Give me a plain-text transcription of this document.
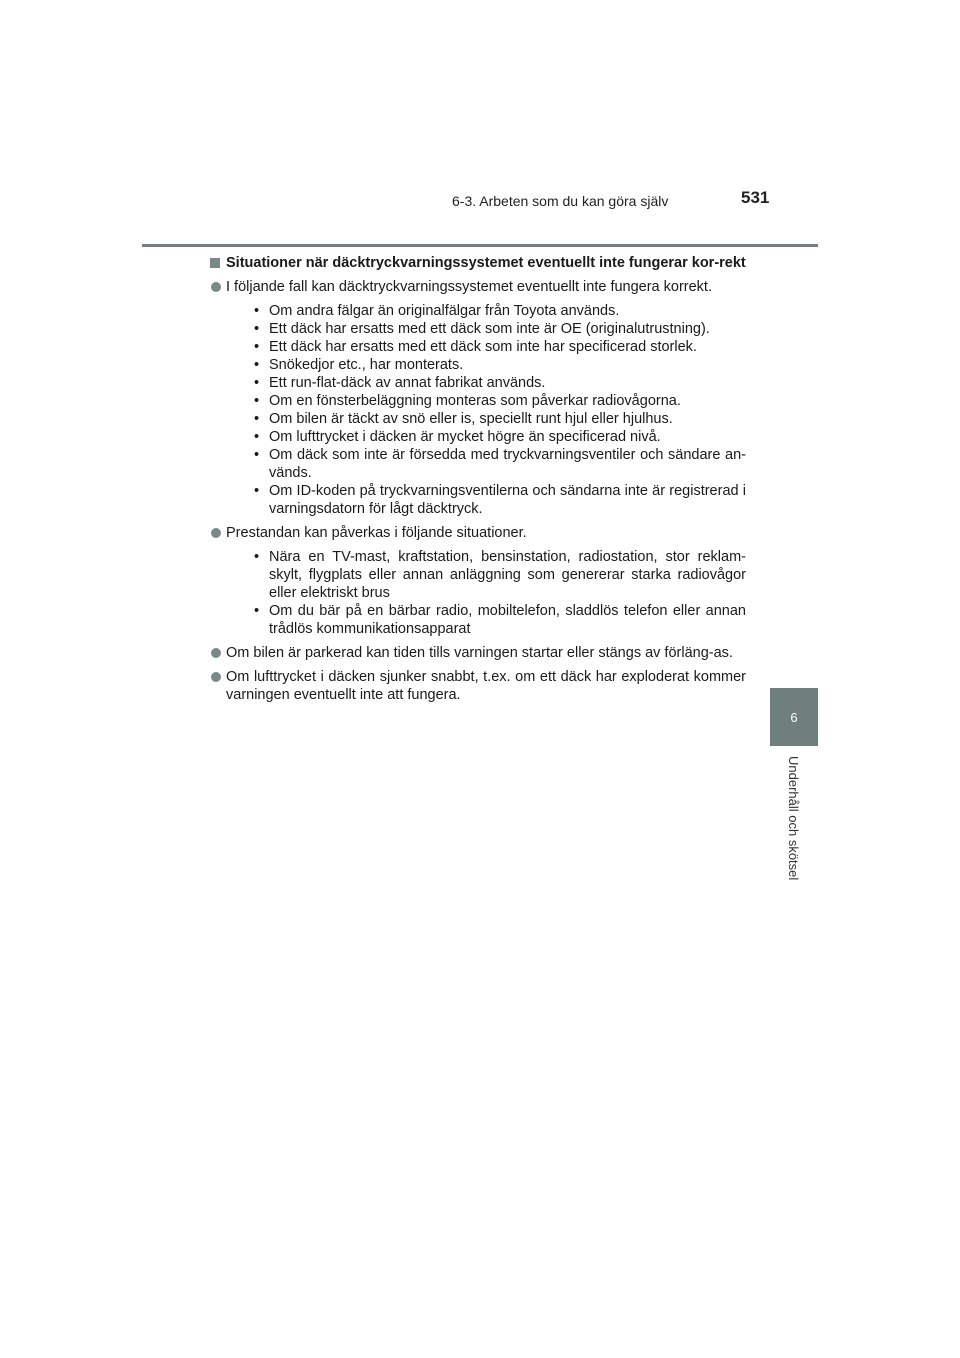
6-3. Arbeten som du kan göra själv	531
6
Underhåll och skötsel
Situationer när däcktryckvarningssystemet eventuellt inte fungerar kor-rekt
I följande fall kan däcktryckvarningssystemet eventuellt inte fungera korrekt.
• Om andra fälgar än originalfälgar från Toyota används.
• Ett däck har ersatts med ett däck som inte är OE (originalutrustning).
• Ett däck har ersatts med ett däck som inte har specificerad storlek.
• Snökedjor etc., har monterats.
• Ett run-flat-däck av annat fabrikat används.
• Om en fönsterbeläggning monteras som påverkar radiovågorna.
• Om bilen är täckt av snö eller is, speciellt runt hjul eller hjulhus.
• Om lufttrycket i däcken är mycket högre än specificerad nivå.
• Om däck som inte är försedda med tryckvarningsventiler och sändare an-vänds.
• Om ID-koden på tryckvarningsventilerna och sändarna inte är registrerad i varningsdatorn för lågt däcktryck.
Prestandan kan påverkas i följande situationer.
• Nära en TV-mast, kraftstation, bensinstation, radiostation, stor reklam-skylt, flygplats eller annan anläggning som genererar starka radiovågor eller elektriskt brus
• Om du bär på en bärbar radio, mobiltelefon, sladdlös telefon eller annan trådlös kommunikationsapparat
Om bilen är parkerad kan tiden tills varningen startar eller stängs av förläng-as.
Om lufttrycket i däcken sjunker snabbt, t.ex. om ett däck har exploderat kommer varningen eventuellt inte att fungera.
